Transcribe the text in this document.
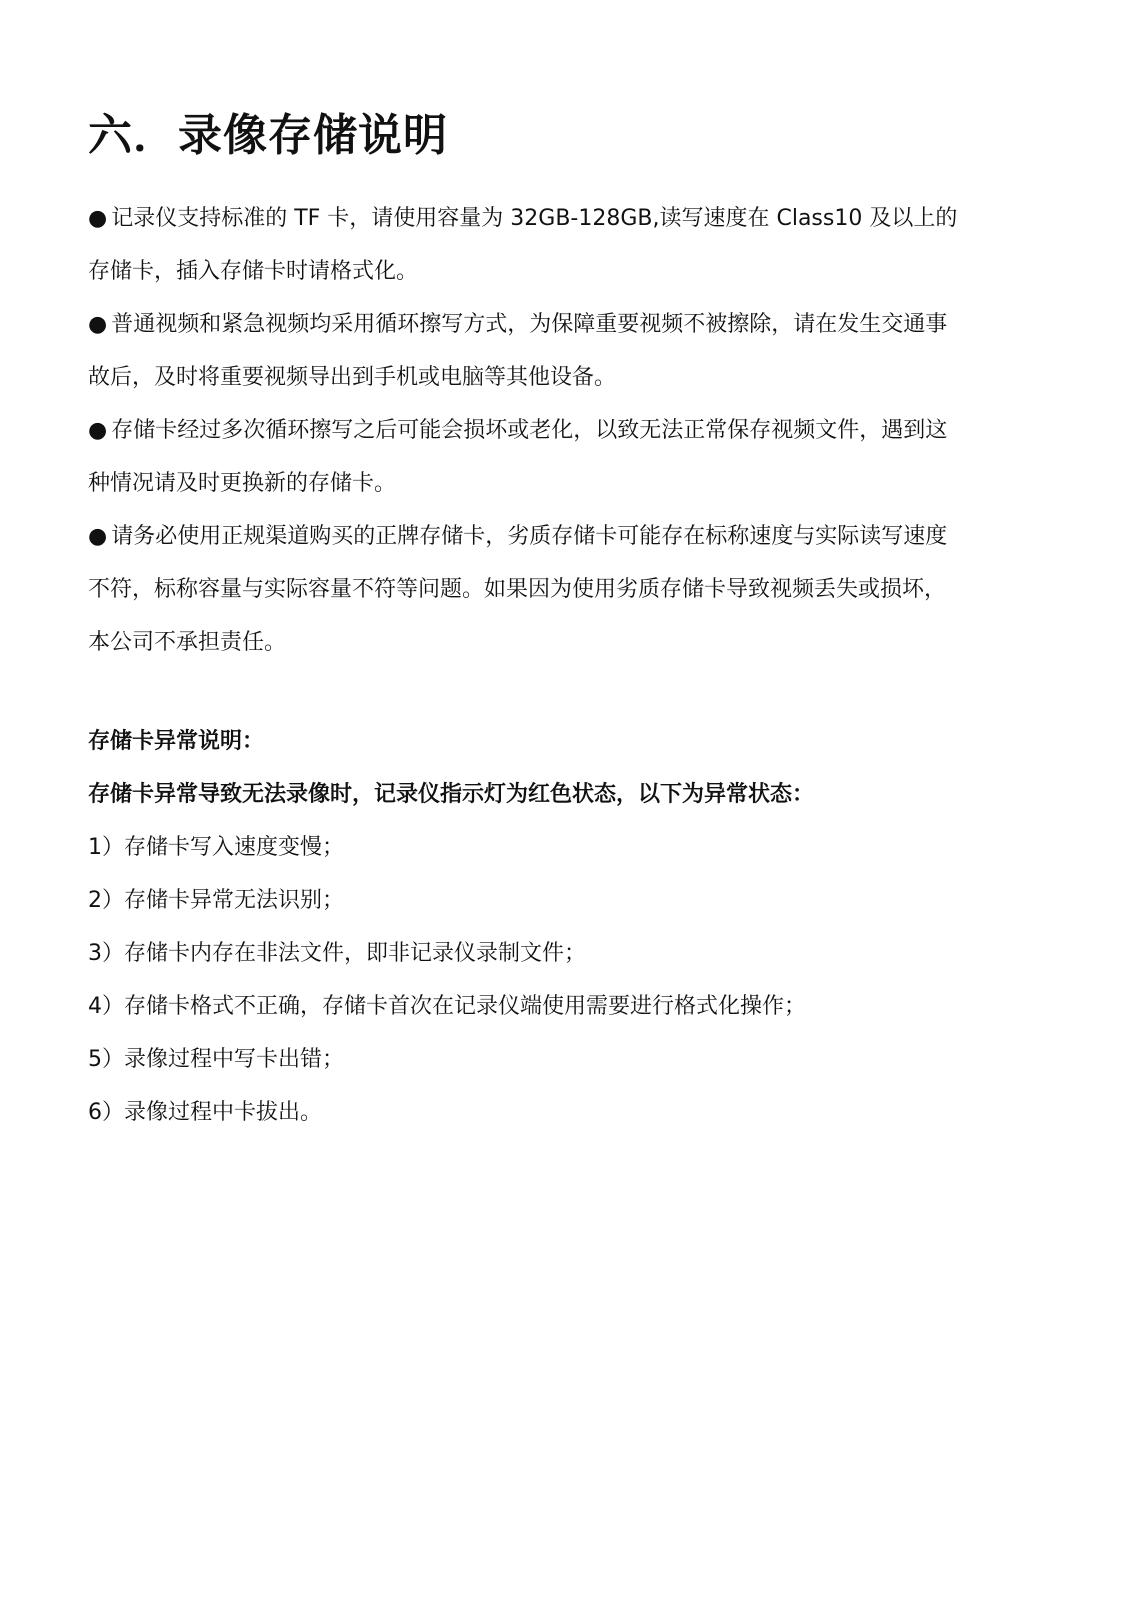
六．录像存储说明

● 记录仪支持标准的 TF 卡，请使用容量为 32GB-128GB,读写速度在 Class10 及以上的存储卡，插入存储卡时请格式化。

● 普通视频和紧急视频均采用循环擦写方式，为保障重要视频不被擦除，请在发生交通事故后，及时将重要视频导出到手机或电脑等其他设备。

● 存储卡经过多次循环擦写之后可能会损坏或老化，以致无法正常保存视频文件，遇到这种情况请及时更换新的存储卡。

● 请务必使用正规渠道购买的正牌存储卡，劣质存储卡可能存在标称速度与实际读写速度不符，标称容量与实际容量不符等问题。如果因为使用劣质存储卡导致视频丢失或损坏，本公司不承担责任。

存储卡异常说明：

存储卡异常导致无法录像时，记录仪指示灯为红色状态，以下为异常状态：

1）存储卡写入速度变慢；

2）存储卡异常无法识别；

3）存储卡内存在非法文件，即非记录仪录制文件；

4）存储卡格式不正确，存储卡首次在记录仪端使用需要进行格式化操作；

5）录像过程中写卡出错；

6）录像过程中卡拔出。
